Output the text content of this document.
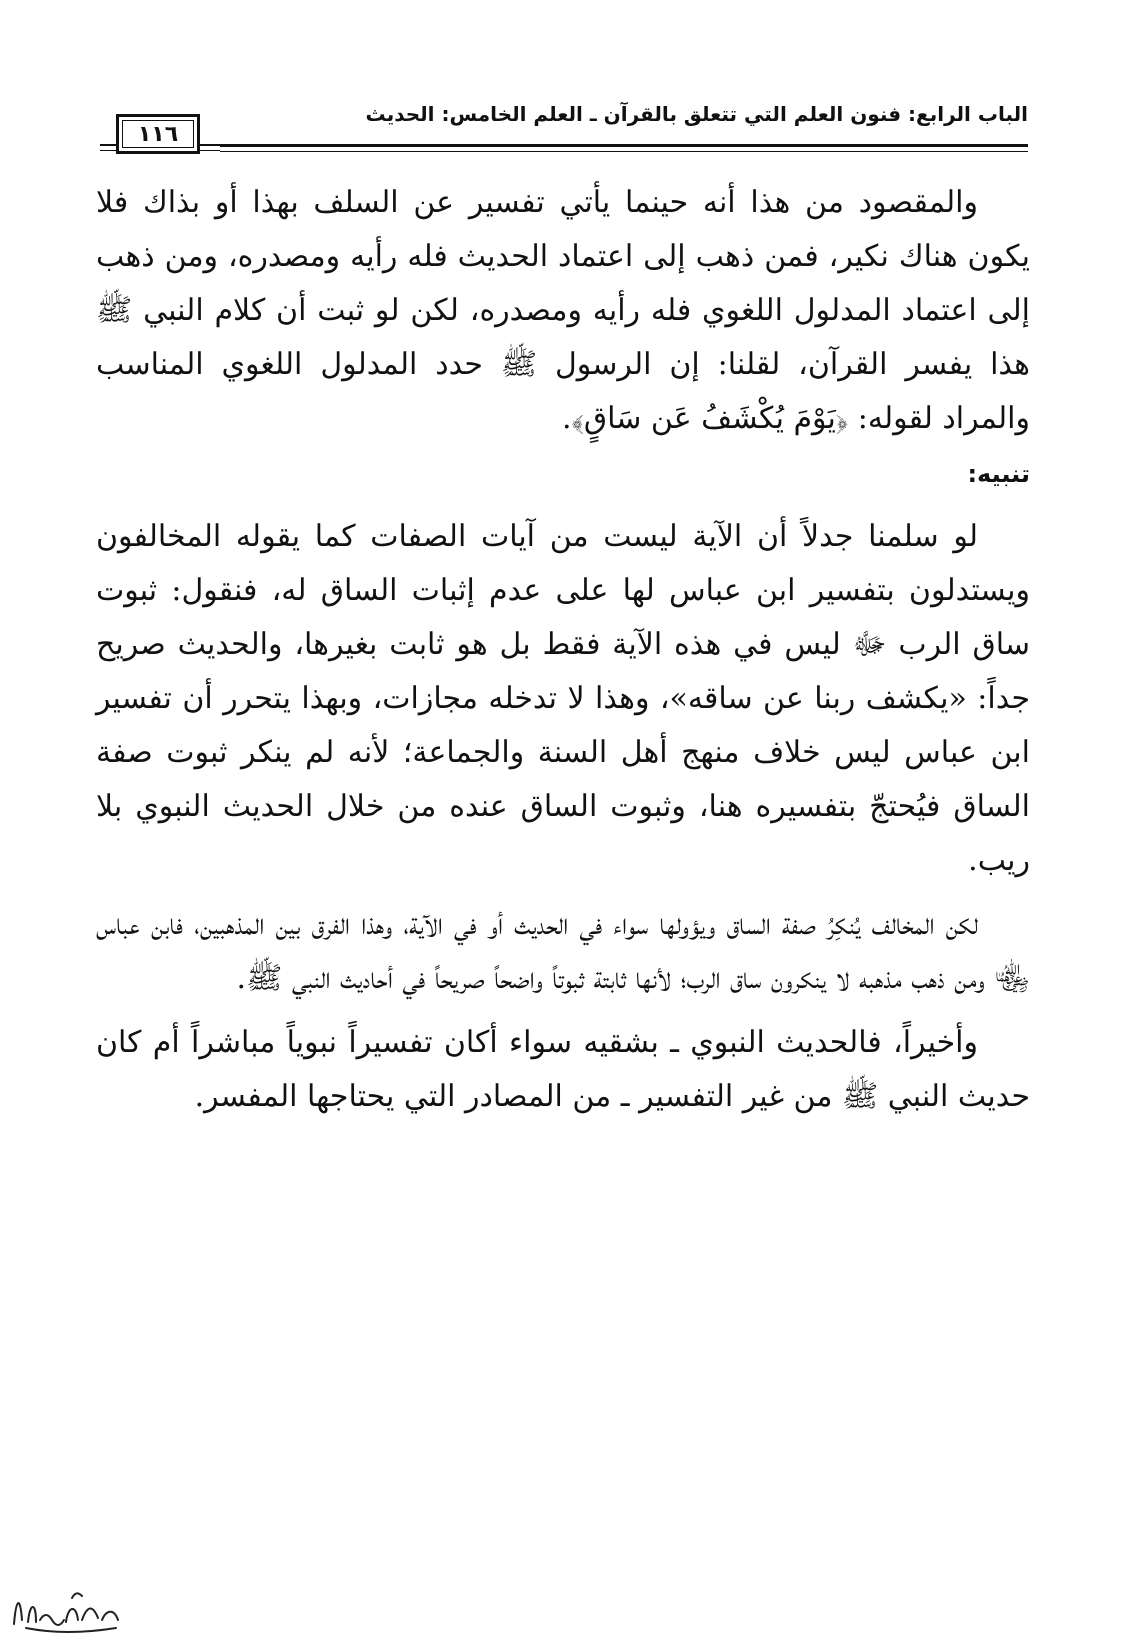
الباب الرابع: فنون العلم التي تتعلق بالقرآن ـ العلم الخامس: الحديث
١١٦

والمقصود من هذا أنه حينما يأتي تفسير عن السلف بهذا أو بذاك فلا يكون هناك نكير، فمن ذهب إلى اعتماد الحديث فله رأيه ومصدره، ومن ذهب إلى اعتماد المدلول اللغوي فله رأيه ومصدره، لكن لو ثبت أن كلام النبي ﷺ هذا يفسر القرآن، لقلنا: إن الرسول ﷺ حدد المدلول اللغوي المناسب والمراد لقوله: ﴿يَوْمَ يُكْشَفُ عَن سَاقٍ﴾.

تنبيه:

لو سلمنا جدلاً أن الآية ليست من آيات الصفات كما يقوله المخالفون ويستدلون بتفسير ابن عباس لها على عدم إثبات الساق له، فنقول: ثبوت ساق الرب ﷻ ليس في هذه الآية فقط بل هو ثابت بغيرها، والحديث صريح جداً: «يكشف ربنا عن ساقه»، وهذا لا تدخله مجازات، وبهذا يتحرر أن تفسير ابن عباس ليس خلاف منهج أهل السنة والجماعة؛ لأنه لم ينكر ثبوت صفة الساق فيُحتجّ بتفسيره هنا، وثبوت الساق عنده من خلال الحديث النبوي بلا ريب.

لكن المخالف يُنكِرُ صفة الساق ويؤولها سواء في الحديث أو في الآية، وهذا الفرق بين المذهبين، فابن عباس ﵄ ومن ذهب مذهبه لا ينكرون ساق الرب؛ لأنها ثابتة ثبوتاً واضحاً صريحاً في أحاديث النبي ﷺ.

وأخيراً، فالحديث النبوي ـ بشقيه سواء أكان تفسيراً نبوياً مباشراً أم كان حديث النبي ﷺ من غير التفسير ـ من المصادر التي يحتاجها المفسر.
